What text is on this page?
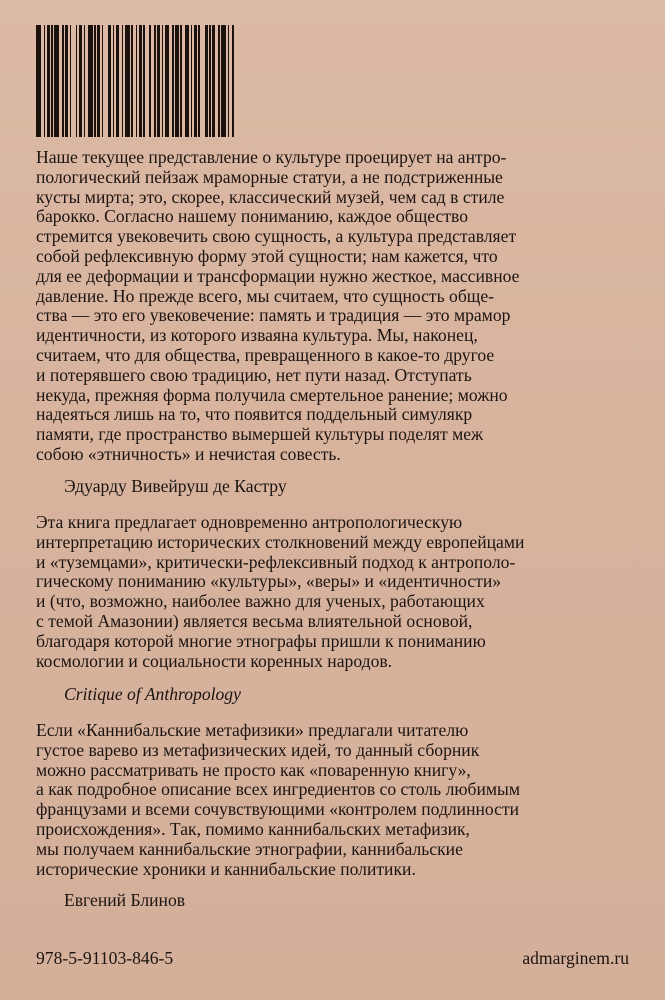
Наше текущее представление о культуре проецирует на антро-
пологический пейзаж мраморные статуи, а не подстриженные
кусты мирта; это, скорее, классический музей, чем сад в стиле
барокко. Согласно нашему пониманию, каждое общество
стремится увековечить свою сущность, а культура представляет
собой рефлексивную форму этой сущности; нам кажется, что
для ее деформации и трансформации нужно жесткое, массивное
давление. Но прежде всего, мы считаем, что сущность обще-
ства — это его увековечение: память и традиция — это мрамор
идентичности, из которого изваяна культура. Мы, наконец,
считаем, что для общества, превращенного в какое-то другое
и потерявшего свою традицию, нет пути назад. Отступать
некуда, прежняя форма получила смертельное ранение; можно
надеяться лишь на то, что появится поддельный симулякр
памяти, где пространство вымершей культуры поделят меж
собою «этничность» и нечистая совесть.

Эдуарду Вивейруш де Кастру

Эта книга предлагает одновременно антропологическую
интерпретацию исторических столкновений между европейцами
и «туземцами», критически-рефлексивный подход к антрополо-
гическому пониманию «культуры», «веры» и «идентичности»
и (что, возможно, наиболее важно для ученых, работающих
с темой Амазонии) является весьма влиятельной основой,
благодаря которой многие этнографы пришли к пониманию
космологии и социальности коренных народов.

Critique of Anthropology

Если «Каннибальские метафизики» предлагали читателю
густое варево из метафизических идей, то данный сборник
можно рассматривать не просто как «поваренную книгу»,
а как подробное описание всех ингредиентов со столь любимым
французами и всеми сочувствующими «контролем подлинности
происхождения». Так, помимо каннибальских метафизик,
мы получаем каннибальские этнографии, каннибальские
исторические хроники и каннибальские политики.

Евгений Блинов
978-5-91103-846-5	admarginem.ru
